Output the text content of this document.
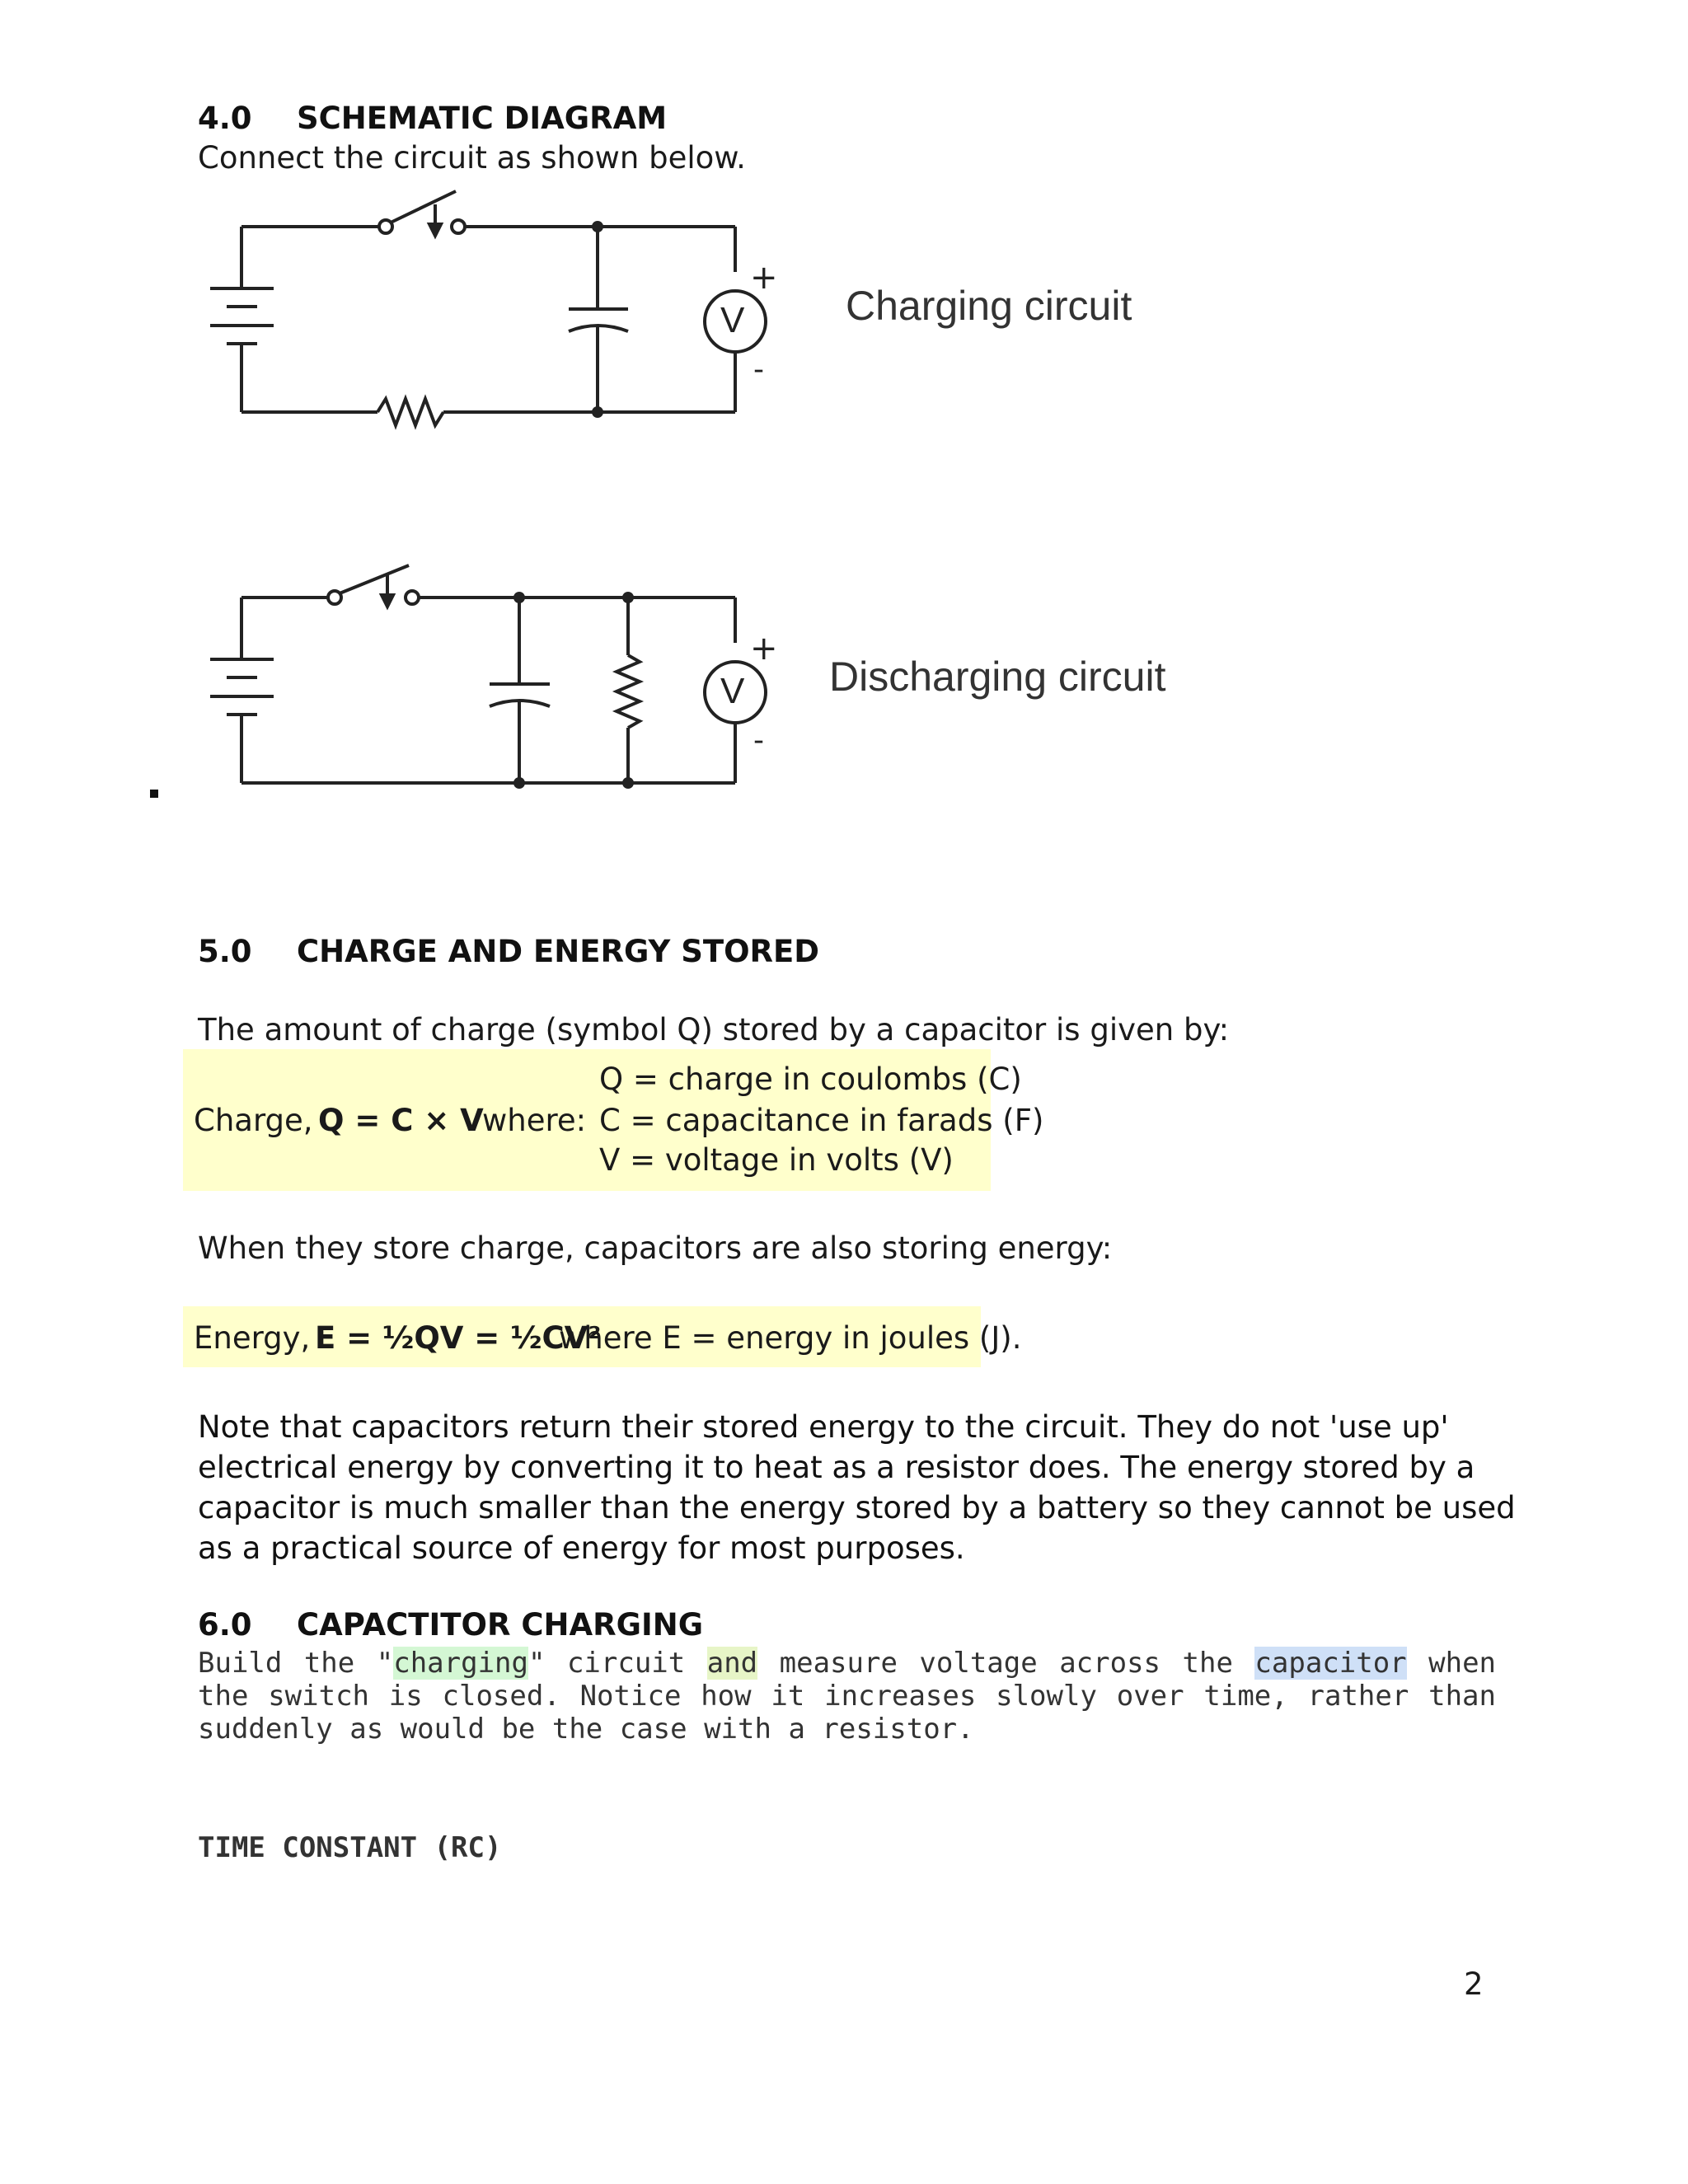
4.0 SCHEMATIC DIAGRAM
Connect the circuit as shown below.
V
+
-
Charging circuit
V
+
-
Discharging circuit
5.0 CHARGE AND ENERGY STORED
The amount of charge (symbol Q) stored by a capacitor is given by:
Charge, Q = C × V
where:
Q = charge in coulombs (C)
C = capacitance in farads (F)
V = voltage in volts (V)
When they store charge, capacitors are also storing energy:
Energy, E = ½QV = ½CV²
where E = energy in joules (J).
Note that capacitors return their stored energy to the circuit. They do not 'use up' electrical energy by converting it to heat as a resistor does. The energy stored by a capacitor is much smaller than the energy stored by a battery so they cannot be used as a practical source of energy for most purposes.
6.0 CAPACTITOR CHARGING
Build the "charging" circuit and measure voltage across the capacitor when the switch is closed. Notice how it increases slowly over time, rather than suddenly as would be the case with a resistor.
TIME CONSTANT (RC)
2
